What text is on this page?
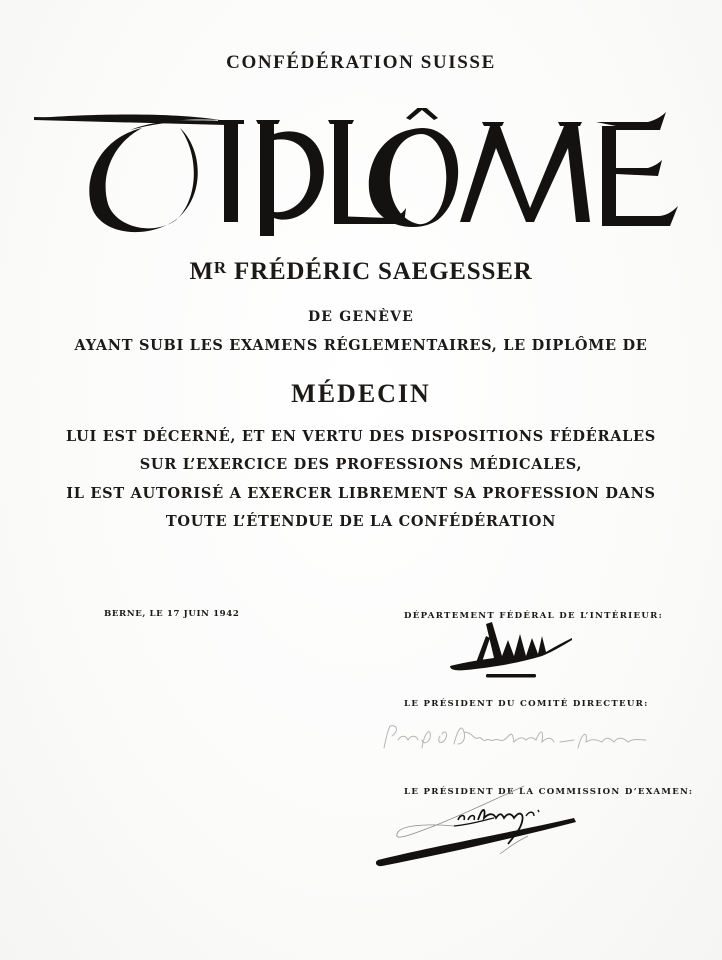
CONFÉDÉRATION SUISSE
$M^R$ FRÉDÉRIC SAEGESSER
DE GENÈVE
AYANT SUBI LES EXAMENS RÉGLEMENTAIRES, LE DIPLÔME DE
MÉDECIN
LUI EST DÉCERNÉ, ET EN VERTU DES DISPOSITIONS FÉDÉRALES
SUR L’EXERCICE DES PROFESSIONS MÉDICALES,
IL EST AUTORISÉ A EXERCER LIBREMENT SA PROFESSION DANS
TOUTE L’ÉTENDUE DE LA CONFÉDÉRATION
BERNE, LE 17 JUIN 1942	DÉPARTEMENT FÉDÉRAL DE L’INTÉRIEUR:
LE PRÉSIDENT DU COMITÉ DIRECTEUR:
LE PRÉSIDENT DE LA COMMISSION D’EXAMEN:
